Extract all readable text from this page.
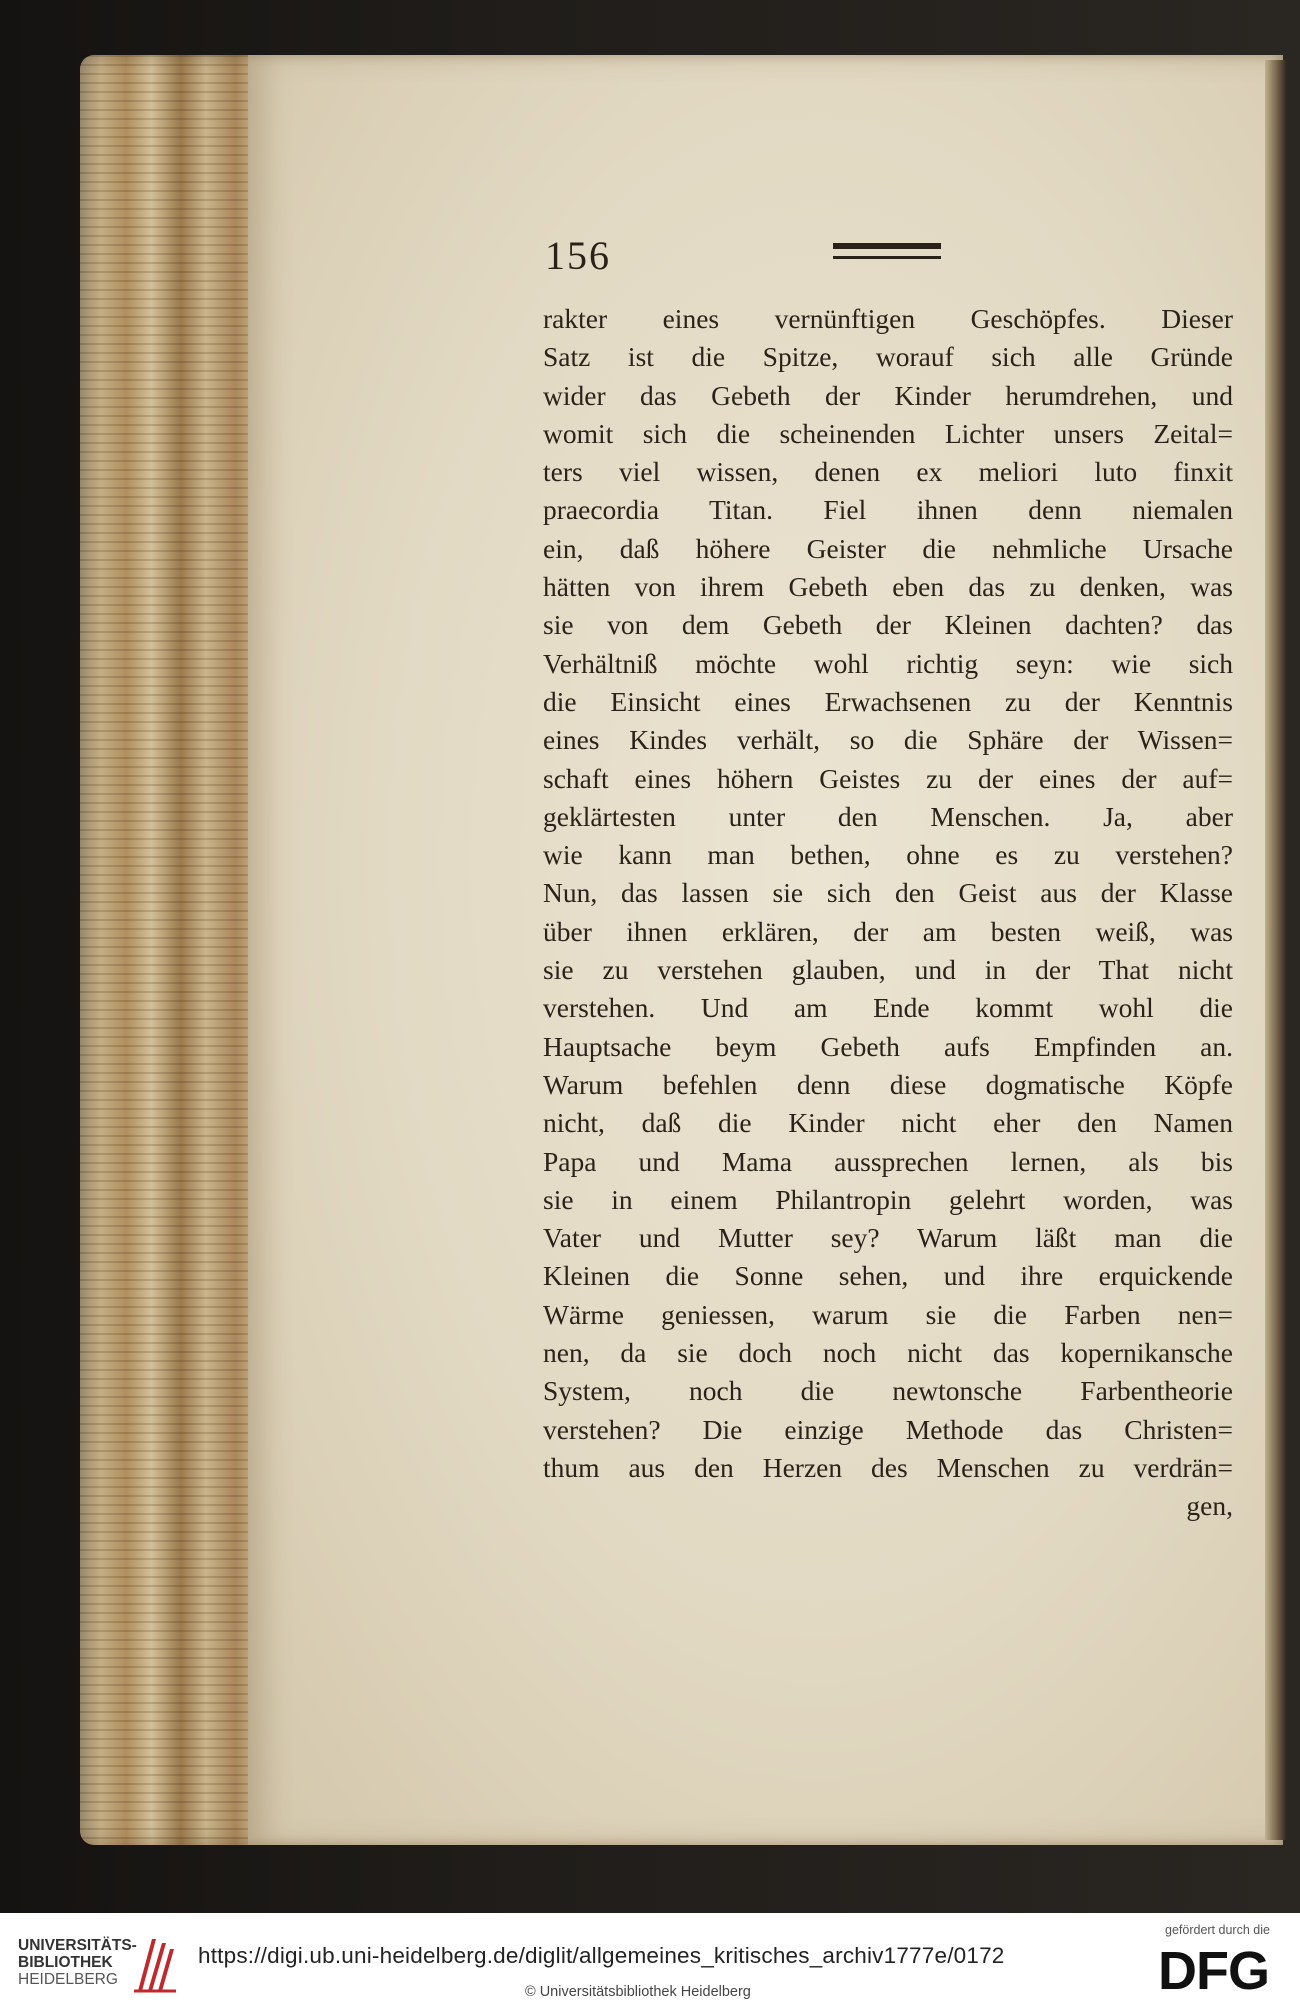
156
rakter eines vernünftigen Geschöpfes. Dieser
Satz ist die Spitze, worauf sich alle Gründe
wider das Gebeth der Kinder herumdrehen, und
womit sich die scheinenden Lichter unsers Zeital=
ters viel wissen, denen ex meliori luto finxit
praecordia Titan. Fiel ihnen denn niemalen
ein, daß höhere Geister die nehmliche Ursache
hätten von ihrem Gebeth eben das zu denken, was
sie von dem Gebeth der Kleinen dachten? das
Verhältniß möchte wohl richtig seyn: wie sich
die Einsicht eines Erwachsenen zu der Kenntnis
eines Kindes verhält, so die Sphäre der Wissen=
schaft eines höhern Geistes zu der eines der auf=
geklärtesten unter den Menschen. Ja, aber
wie kann man bethen, ohne es zu verstehen?
Nun, das lassen sie sich den Geist aus der Klasse
über ihnen erklären, der am besten weiß, was
sie zu verstehen glauben, und in der That nicht
verstehen. Und am Ende kommt wohl die
Hauptsache beym Gebeth aufs Empfinden an.
Warum befehlen denn diese dogmatische Köpfe
nicht, daß die Kinder nicht eher den Namen
Papa und Mama aussprechen lernen, als bis
sie in einem Philantropin gelehrt worden, was
Vater und Mutter sey? Warum läßt man die
Kleinen die Sonne sehen, und ihre erquickende
Wärme geniessen, warum sie die Farben nen=
nen, da sie doch noch nicht das kopernikansche
System, noch die newtonsche Farbentheorie
verstehen? Die einzige Methode das Christen=
thum aus den Herzen des Menschen zu verdrän=
gen,
UNIVERSITÄTS-
BIBLIOTHEK
HEIDELBERG
https://digi.ub.uni-heidelberg.de/diglit/allgemeines_kritisches_archiv1777e/0172
© Universitätsbibliothek Heidelberg
gefördert durch die
DFG
